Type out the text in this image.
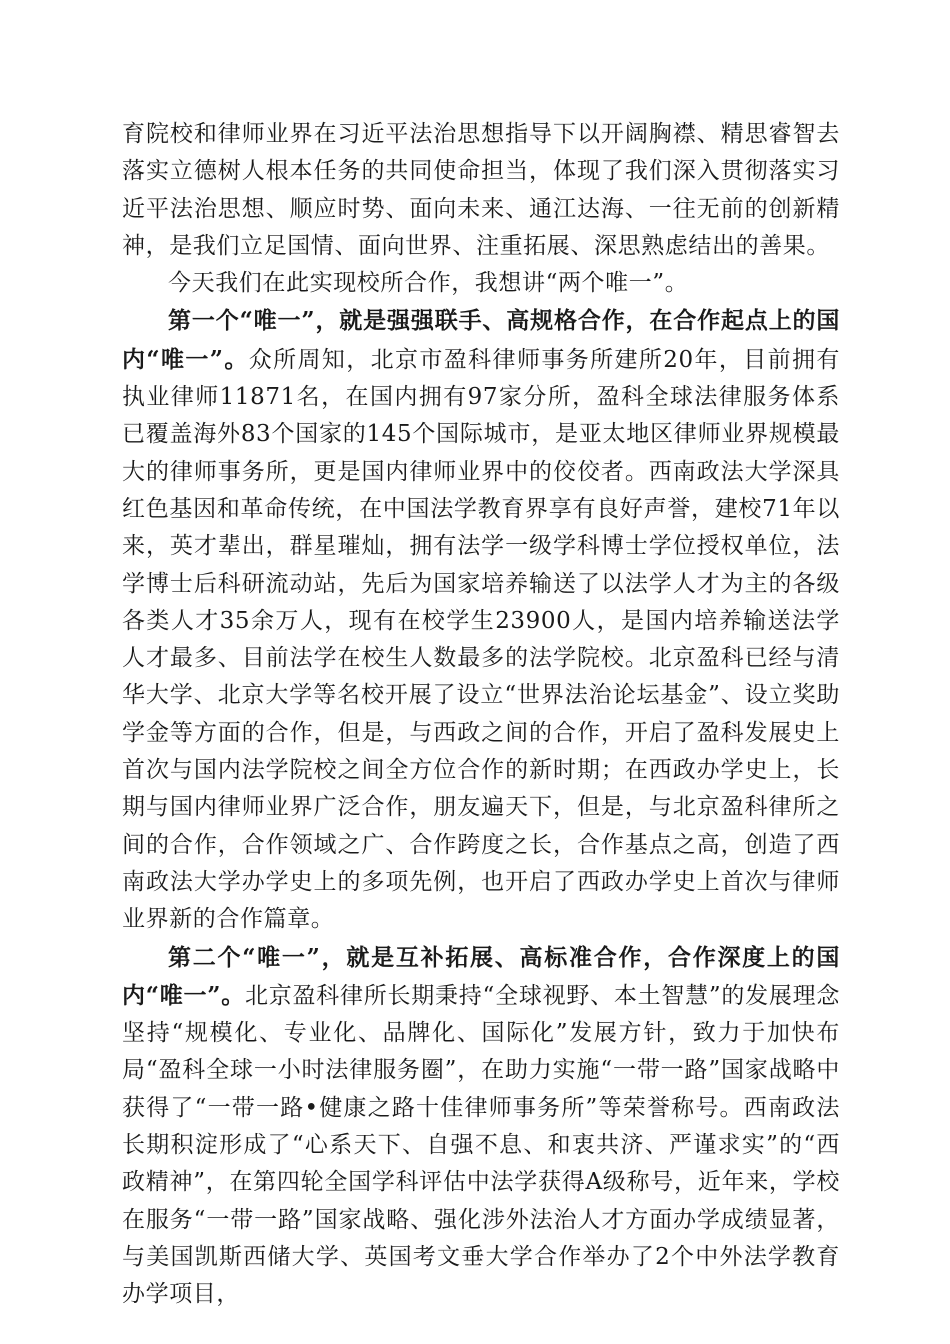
育院校和律师业界在习近平法治思想指导下以开阔胸襟、精思睿智去落实立德树人根本任务的共同使命担当，体现了我们深入贯彻落实习近平法治思想、顺应时势、面向未来、通江达海、一往无前的创新精神，是我们立足国情、面向世界、注重拓展、深思熟虑结出的善果。

今天我们在此实现校所合作，我想讲“两个唯一”。

第一个“唯一”，就是强强联手、高规格合作，在合作起点上的国内“唯一”。众所周知，北京市盈科律师事务所建所20年，目前拥有执业律师11871名，在国内拥有97家分所，盈科全球法律服务体系已覆盖海外83个国家的145个国际城市，是亚太地区律师业界规模最大的律师事务所，更是国内律师业界中的佼佼者。西南政法大学深具红色基因和革命传统，在中国法学教育界享有良好声誉，建校71年以来，英才辈出，群星璀灿，拥有法学一级学科博士学位授权单位，法学博士后科研流动站，先后为国家培养输送了以法学人才为主的各级各类人才35余万人，现有在校学生23900人，是国内培养输送法学人才最多、目前法学在校生人数最多的法学院校。北京盈科已经与清华大学、北京大学等名校开展了设立“世界法治论坛基金”、设立奖助学金等方面的合作，但是，与西政之间的合作，开启了盈科发展史上首次与国内法学院校之间全方位合作的新时期；在西政办学史上，长期与国内律师业界广泛合作，朋友遍天下，但是，与北京盈科律所之间的合作，合作领域之广、合作跨度之长，合作基点之高，创造了西南政法大学办学史上的多项先例，也开启了西政办学史上首次与律师业界新的合作篇章。

第二个“唯一”，就是互补拓展、高标准合作，合作深度上的国内“唯一”。北京盈科律所长期秉持“全球视野、本土智慧”的发展理念坚持“规模化、专业化、品牌化、国际化”发展方针，致力于加快布局“盈科全球一小时法律服务圈”，在助力实施“一带一路”国家战略中获得了“一带一路•健康之路十佳律师事务所”等荣誉称号。西南政法长期积淀形成了“心系天下、自强不息、和衷共济、严谨求实”的“西政精神”，在第四轮全国学科评估中法学获得A级称号，近年来，学校在服务“一带一路”国家战略、强化涉外法治人才方面办学成绩显著，与美国凯斯西储大学、英国考文垂大学合作举办了2个中外法学教育办学项目，
